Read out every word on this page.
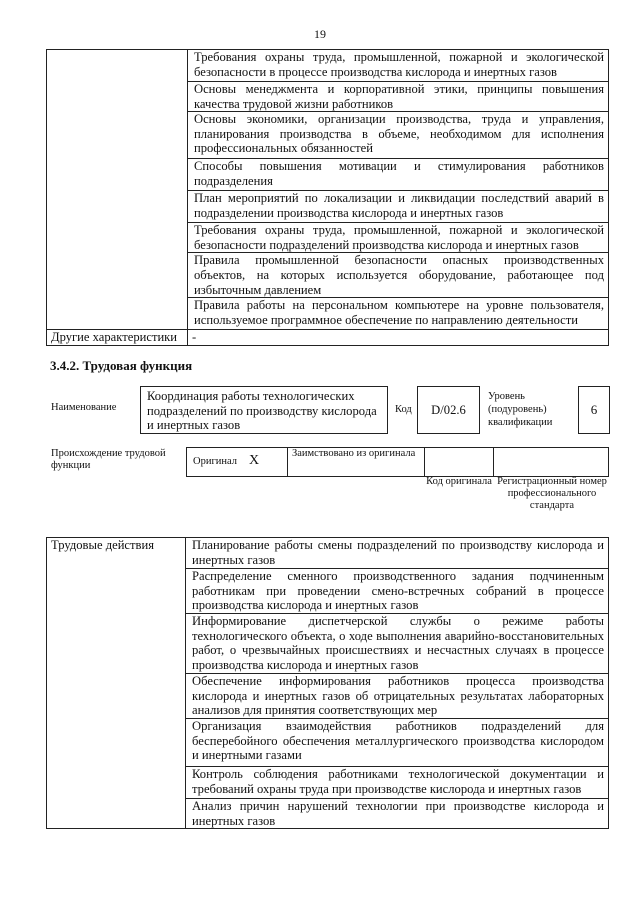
19

	Требования охраны труда, промышленной, пожарной и экологической безопасности в процессе производства кислорода и инертных газов

	Основы менеджмента и корпоративной этики, принципы повышения качества трудовой жизни работников

	Основы экономики, организации производства, труда и управления, планирования производства в объеме, необходимом для исполнения профессиональных обязанностей

	Способы повышения мотивации и стимулирования работников подразделения

	План мероприятий по локализации и ликвидации последствий аварий в подразделении производства кислорода и инертных газов

	Требования охраны труда, промышленной, пожарной и экологической безопасности подразделений производства кислорода и инертных газов

	Правила промышленной безопасности опасных производственных объектов, на которых используется оборудование, работающее под избыточным давлением

	Правила работы на персональном компьютере на уровне пользователя, используемое программное обеспечение по направлению деятельности

Другие характеристики	-
3.4.2. Трудовая функция
Наименование
Координация работы технологических подразделений по производству кислорода и инертных газов
Код	D/02.6
Уровень (подуровень) квалификации
6
Происхождение трудовой функции	Оригинал	X	Заимствовано из оригинала

Код оригинала Регистрационный номер профессионального стандарта
Трудовые действия	Планирование работы смены подразделений по производству кислорода и инертных газов

Распределение сменного производственного задания подчиненным работникам при проведении смено-встречных собраний в процессе производства кислорода и инертных газов

Информирование диспетчерской службы о режиме работы технологического объекта, о ходе выполнения аварийно-восстановительных работ, о чрезвычайных происшествиях и несчастных случаях в процессе производства кислорода и инертных газов

Обеспечение информирования работников процесса производства кислорода и инертных газов об отрицательных результатах лабораторных анализов для принятия соответствующих мер

Организация взаимодействия работников подразделений для бесперебойного обеспечения металлургического производства кислородом и инертными газами

Контроль соблюдения работниками технологической документации и требований охраны труда при производстве кислорода и инертных газов

Анализ причин нарушений технологии при производстве кислорода и инертных газов
